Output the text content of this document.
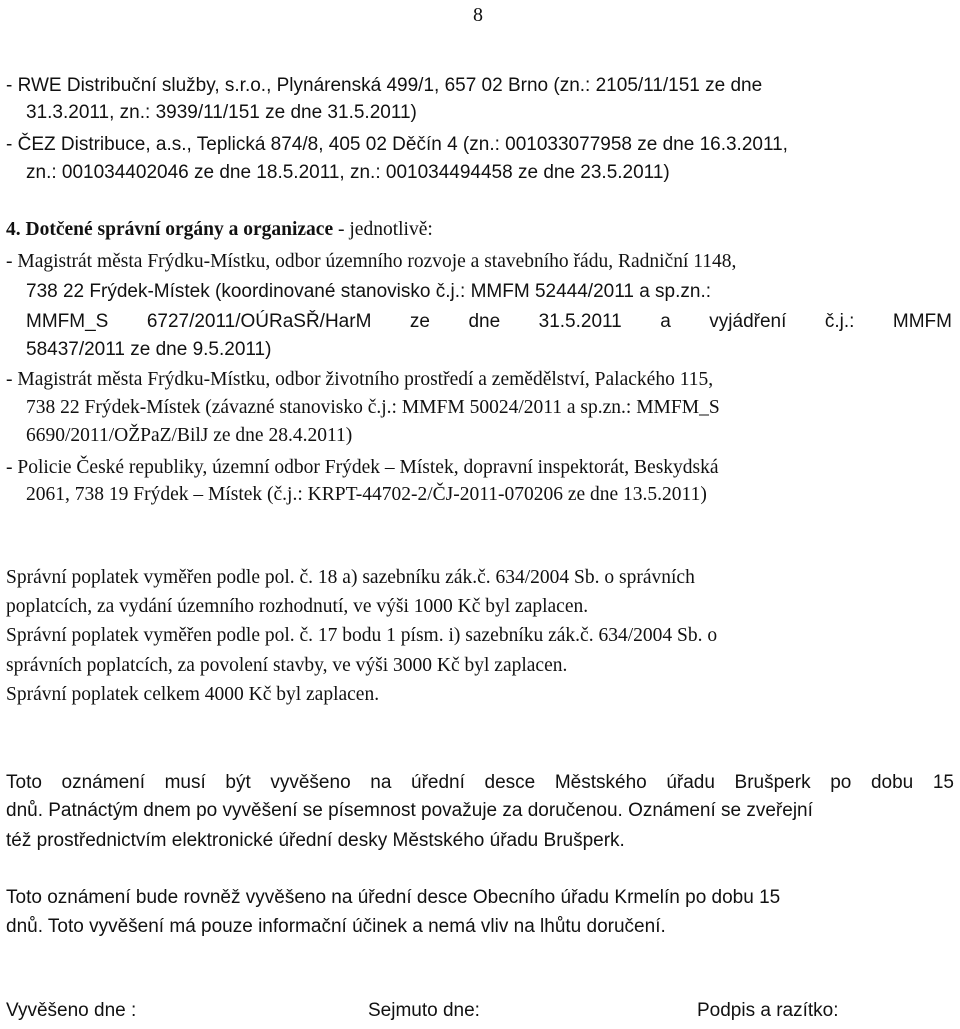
8
- RWE Distribuční služby, s.r.o., Plynárenská 499/1, 657 02 Brno (zn.: 2105/11/151 ze dne
31.3.2011, zn.: 3939/11/151 ze dne 31.5.2011)
- ČEZ Distribuce, a.s., Teplická 874/8, 405 02 Děčín 4 (zn.: 001033077958 ze dne 16.3.2011,
zn.: 001034402046 ze dne 18.5.2011, zn.: 001034494458 ze dne 23.5.2011)
4. Dotčené správní orgány a organizace - jednotlivě:
- Magistrát města Frýdku-Místku, odbor územního rozvoje a stavebního řádu, Radniční 1148,
738 22 Frýdek-Místek (koordinované stanovisko č.j.: MMFM 52444/2011 a sp.zn.:
MMFM_S 6727/2011/OÚRaSŘ/HarM ze dne 31.5.2011 a vyjádření č.j.: MMFM
58437/2011 ze dne 9.5.2011)
- Magistrát města Frýdku-Místku, odbor životního prostředí a zemědělství, Palackého 115,
738 22 Frýdek-Místek (závazné stanovisko č.j.: MMFM 50024/2011 a sp.zn.: MMFM_S
6690/2011/OŽPaZ/BilJ ze dne 28.4.2011)
- Policie České republiky, územní odbor Frýdek – Místek, dopravní inspektorát, Beskydská
2061, 738 19 Frýdek – Místek (č.j.: KRPT-44702-2/ČJ-2011-070206 ze dne 13.5.2011)
Správní poplatek vyměřen podle pol. č. 18 a) sazebníku zák.č. 634/2004 Sb. o správních
poplatcích, za vydání územního rozhodnutí, ve výši 1000 Kč byl zaplacen.
Správní poplatek vyměřen podle pol. č. 17 bodu 1 písm. i) sazebníku zák.č. 634/2004 Sb. o
správních poplatcích, za povolení stavby, ve výši 3000 Kč byl zaplacen.
Správní poplatek celkem 4000 Kč byl zaplacen.
Toto oznámení musí být vyvěšeno na úřední desce Městského úřadu Brušperk po dobu 15
dnů. Patnáctým dnem po vyvěšení se písemnost považuje za doručenou. Oznámení se zveřejní
též prostřednictvím elektronické úřední desky Městského úřadu Brušperk.
Toto oznámení bude rovněž vyvěšeno na úřední desce Obecního úřadu Krmelín po dobu 15
dnů. Toto vyvěšení má pouze informační účinek a nemá vliv na lhůtu doručení.
Vyvěšeno dne :	Sejmuto dne:	Podpis a razítko:
